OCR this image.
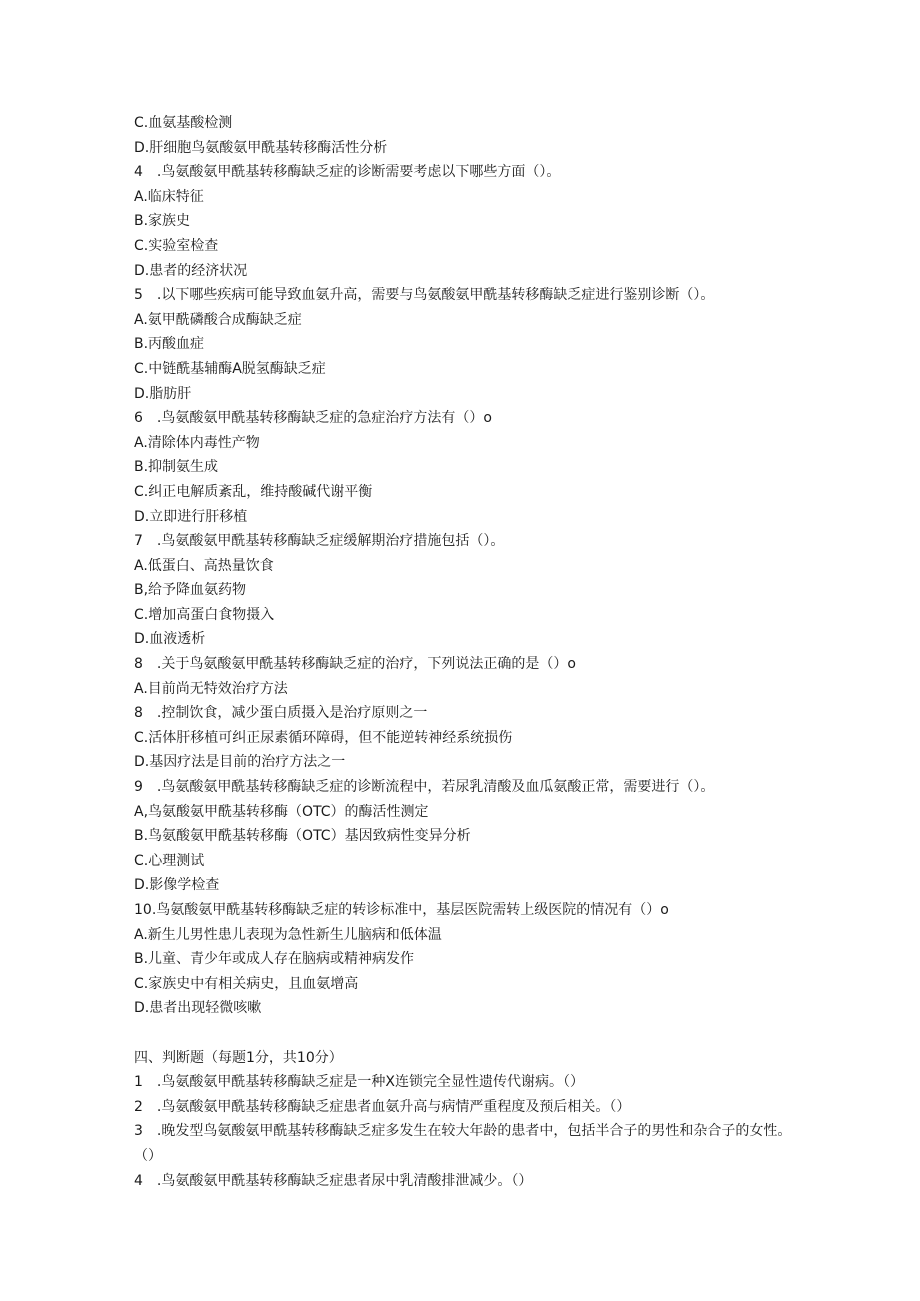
C.血氨基酸检测
D.肝细胞鸟氨酸氨甲酰基转移酶活性分析
4　.鸟氨酸氨甲酰基转移酶缺乏症的诊断需要考虑以下哪些方面（）。
A.临床特征
B.家族史
C.实验室检查
D.患者的经济状况
5　.以下哪些疾病可能导致血氨升高，需要与鸟氨酸氨甲酰基转移酶缺乏症进行鉴别诊断（）。
A.氨甲酰磷酸合成酶缺乏症
B.丙酸血症
C.中链酰基辅酶A脱氢酶缺乏症
D.脂肪肝
6　.鸟氨酸氨甲酰基转移酶缺乏症的急症治疗方法有（）o
A.清除体内毒性产物
B.抑制氨生成
C.纠正电解质紊乱，维持酸碱代谢平衡
D.立即进行肝移植
7　.鸟氨酸氨甲酰基转移酶缺乏症缓解期治疗措施包括（）。
A.低蛋白、高热量饮食
B,给予降血氨药物
C.增加高蛋白食物摄入
D.血液透析
8　.关于鸟氨酸氨甲酰基转移酶缺乏症的治疗，下列说法正确的是（）o
A.目前尚无特效治疗方法
8　.控制饮食，减少蛋白质摄入是治疗原则之一
C.活体肝移植可纠正尿素循环障碍，但不能逆转神经系统损伤
D.基因疗法是目前的治疗方法之一
9　.鸟氨酸氨甲酰基转移酶缺乏症的诊断流程中，若尿乳清酸及血瓜氨酸正常，需要进行（）。
A,鸟氨酸氨甲酰基转移酶（OTC）的酶活性测定
B.鸟氨酸氨甲酰基转移酶（OTC）基因致病性变异分析
C.心理测试
D.影像学检查
10.鸟氨酸氨甲酰基转移酶缺乏症的转诊标准中，基层医院需转上级医院的情况有（）o
A.新生儿男性患儿表现为急性新生儿脑病和低体温
B.儿童、青少年或成人存在脑病或精神病发作
C.家族史中有相关病史，且血氨增高
D.患者出现轻微咳嗽
四、判断题（每题1分，共10分）
1　.鸟氨酸氨甲酰基转移酶缺乏症是一种X连锁完全显性遗传代谢病。（）
2　.鸟氨酸氨甲酰基转移酶缺乏症患者血氨升高与病情严重程度及预后相关。（）
3　.晚发型鸟氨酸氨甲酰基转移酶缺乏症多发生在较大年龄的患者中，包括半合子的男性和杂合子的女性。（）
4　.鸟氨酸氨甲酰基转移酶缺乏症患者尿中乳清酸排泄减少。（）
